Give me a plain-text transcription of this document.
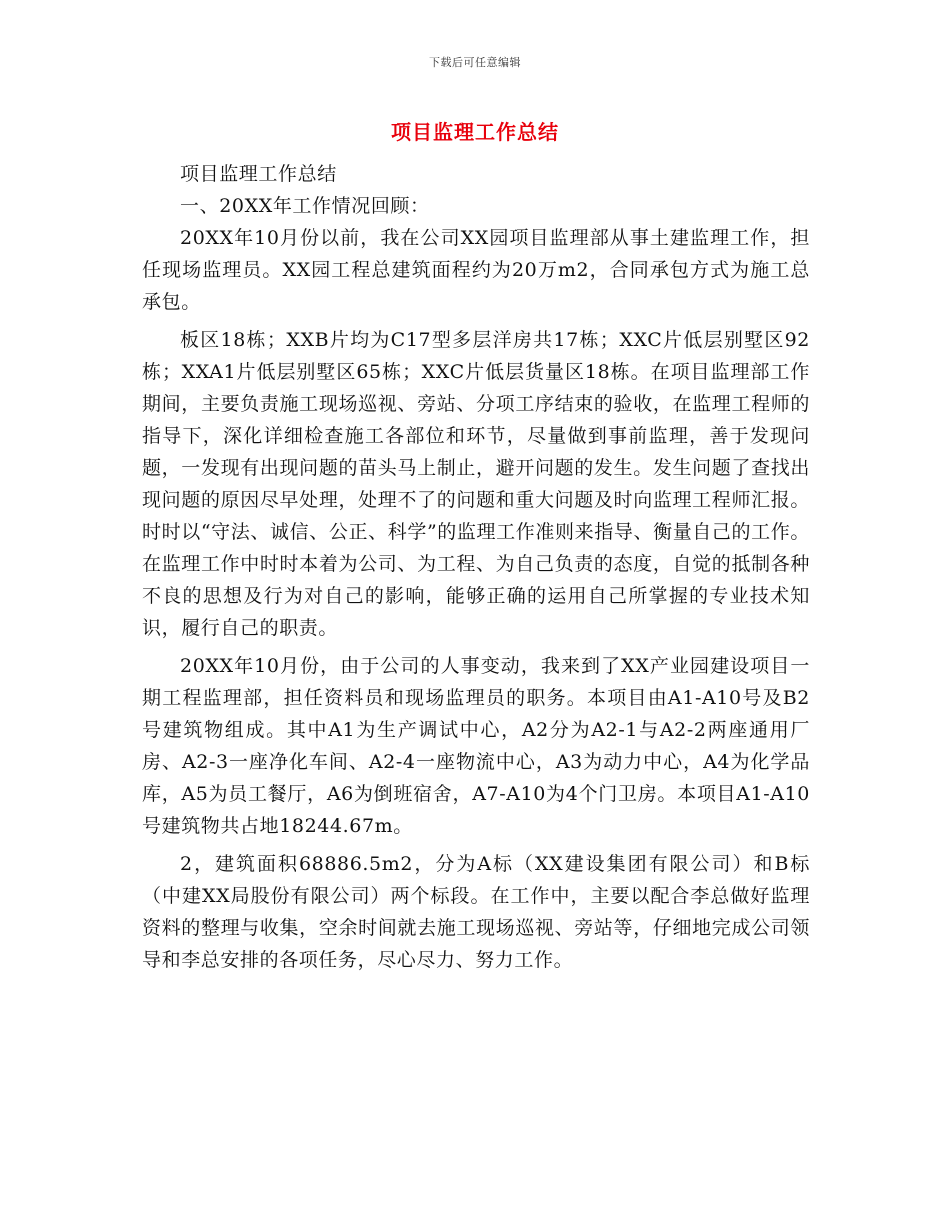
下载后可任意编辑
项目监理工作总结

项目监理工作总结

一、20XX年工作情况回顾：

20XX年10月份以前，我在公司XX园项目监理部从事土建监理工作，担任现场监理员。XX园工程总建筑面程约为20万m2，合同承包方式为施工总承包。

板区18栋；XXB片均为C17型多层洋房共17栋；XXC片低层别墅区92栋；XXA1片低层别墅区65栋；XXC片低层货量区18栋。在项目监理部工作期间，主要负责施工现场巡视、旁站、分项工序结束的验收，在监理工程师的指导下，深化详细检查施工各部位和环节，尽量做到事前监理，善于发现问题，一发现有出现问题的苗头马上制止，避开问题的发生。发生问题了查找出现问题的原因尽早处理，处理不了的问题和重大问题及时向监理工程师汇报。时时以“守法、诚信、公正、科学”的监理工作准则来指导、衡量自己的工作。在监理工作中时时本着为公司、为工程、为自己负责的态度，自觉的抵制各种不良的思想及行为对自己的影响，能够正确的运用自己所掌握的专业技术知识，履行自己的职责。

20XX年10月份，由于公司的人事变动，我来到了XX产业园建设项目一期工程监理部，担任资料员和现场监理员的职务。本项目由A1-A10号及B2号建筑物组成。其中A1为生产调试中心，A2分为A2-1与A2-2两座通用厂房、A2-3一座净化车间、A2-4一座物流中心，A3为动力中心，A4为化学品库，A5为员工餐厅，A6为倒班宿舍，A7-A10为4个门卫房。本项目A1-A10号建筑物共占地18244.67m。

2，建筑面积68886.5m2，分为A标（XX建设集团有限公司）和B标（中建XX局股份有限公司）两个标段。在工作中，主要以配合李总做好监理资料的整理与收集，空余时间就去施工现场巡视、旁站等，仔细地完成公司领导和李总安排的各项任务，尽心尽力、努力工作。
